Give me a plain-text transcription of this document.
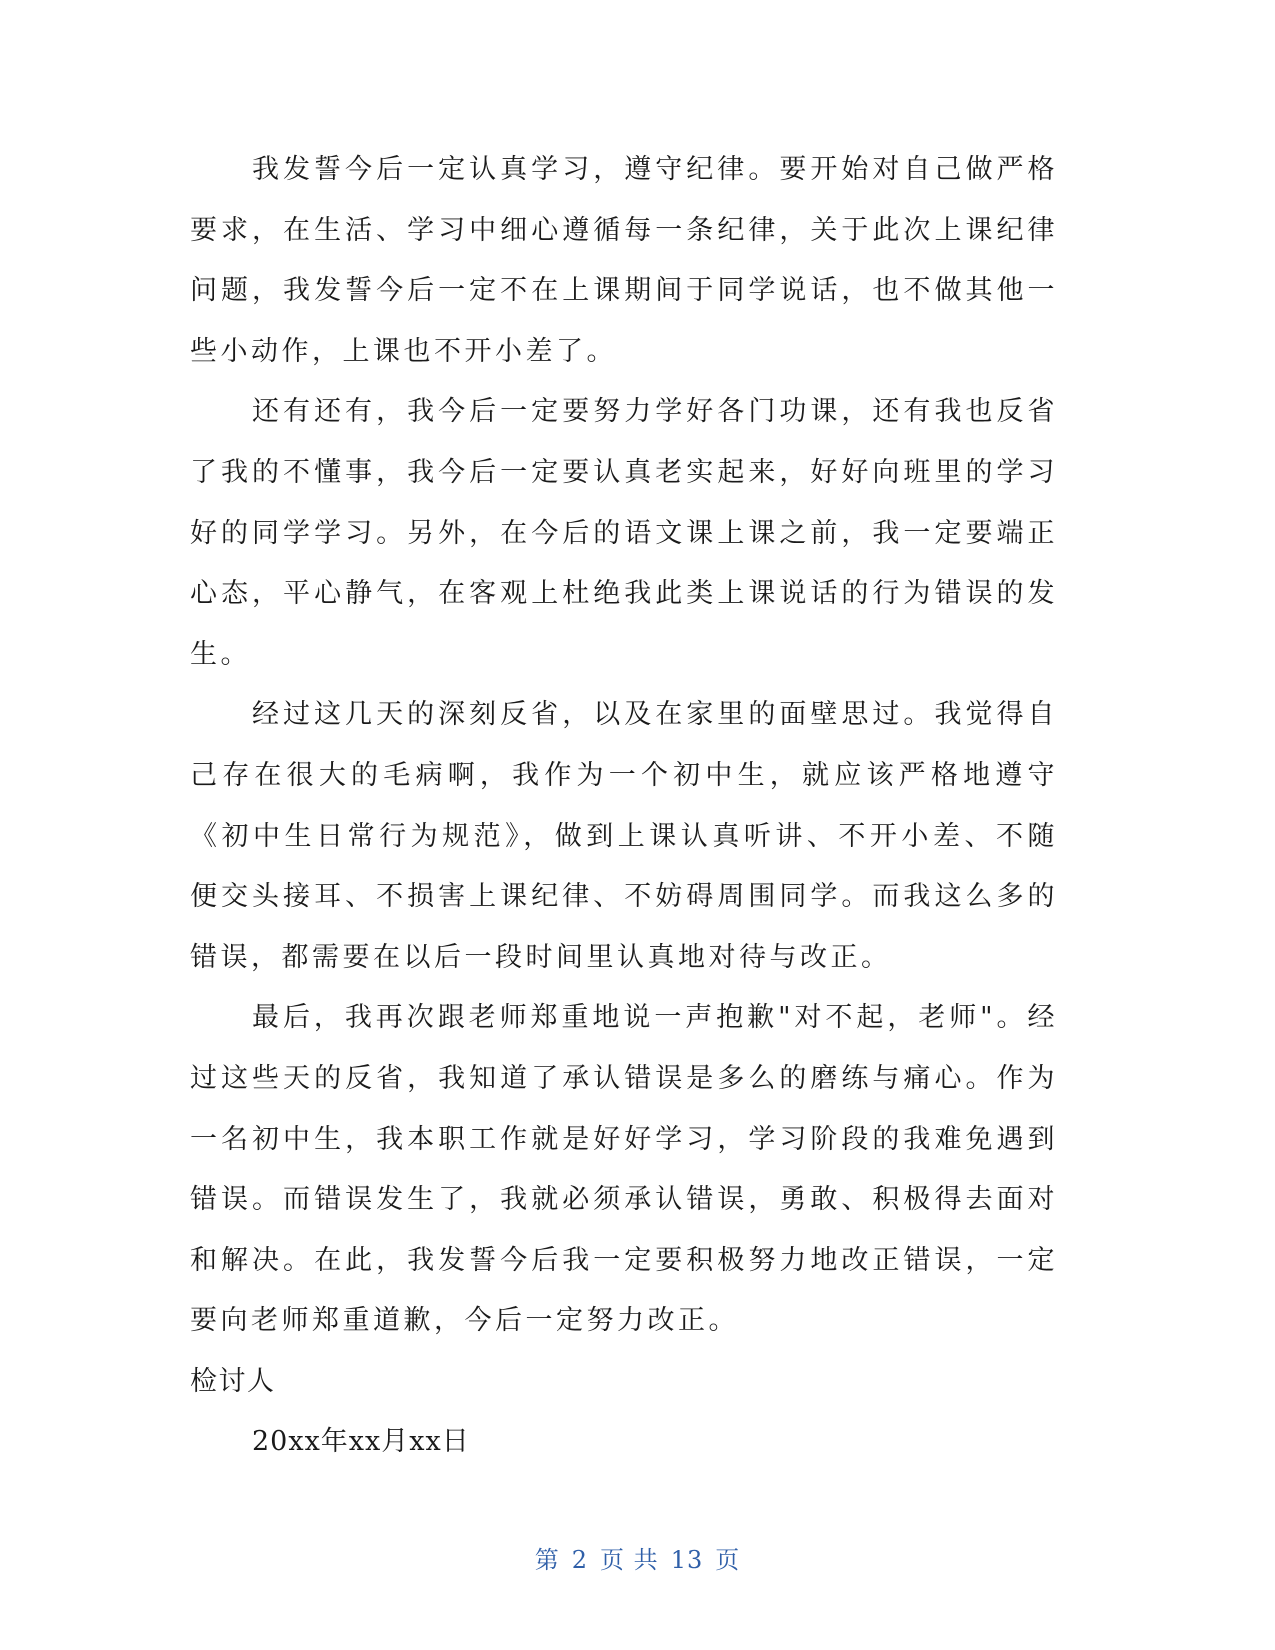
我发誓今后一定认真学习，遵守纪律。要开始对自己做严格要求，在生活、学习中细心遵循每一条纪律，关于此次上课纪律问题，我发誓今后一定不在上课期间于同学说话，也不做其他一些小动作，上课也不开小差了。

还有还有，我今后一定要努力学好各门功课，还有我也反省了我的不懂事，我今后一定要认真老实起来，好好向班里的学习好的同学学习。另外，在今后的语文课上课之前，我一定要端正心态，平心静气，在客观上杜绝我此类上课说话的行为错误的发生。

经过这几天的深刻反省，以及在家里的面壁思过。我觉得自己存在很大的毛病啊，我作为一个初中生，就应该严格地遵守《初中生日常行为规范》，做到上课认真听讲、不开小差、不随便交头接耳、不损害上课纪律、不妨碍周围同学。而我这么多的错误，都需要在以后一段时间里认真地对待与改正。

最后，我再次跟老师郑重地说一声抱歉"对不起，老师"。经过这些天的反省，我知道了承认错误是多么的磨练与痛心。作为一名初中生，我本职工作就是好好学习，学习阶段的我难免遇到错误。而错误发生了，我就必须承认错误，勇敢、积极得去面对和解决。在此，我发誓今后我一定要积极努力地改正错误，一定要向老师郑重道歉，今后一定努力改正。

检讨人

20xx年xx月xx日

第 2 页 共 13 页
